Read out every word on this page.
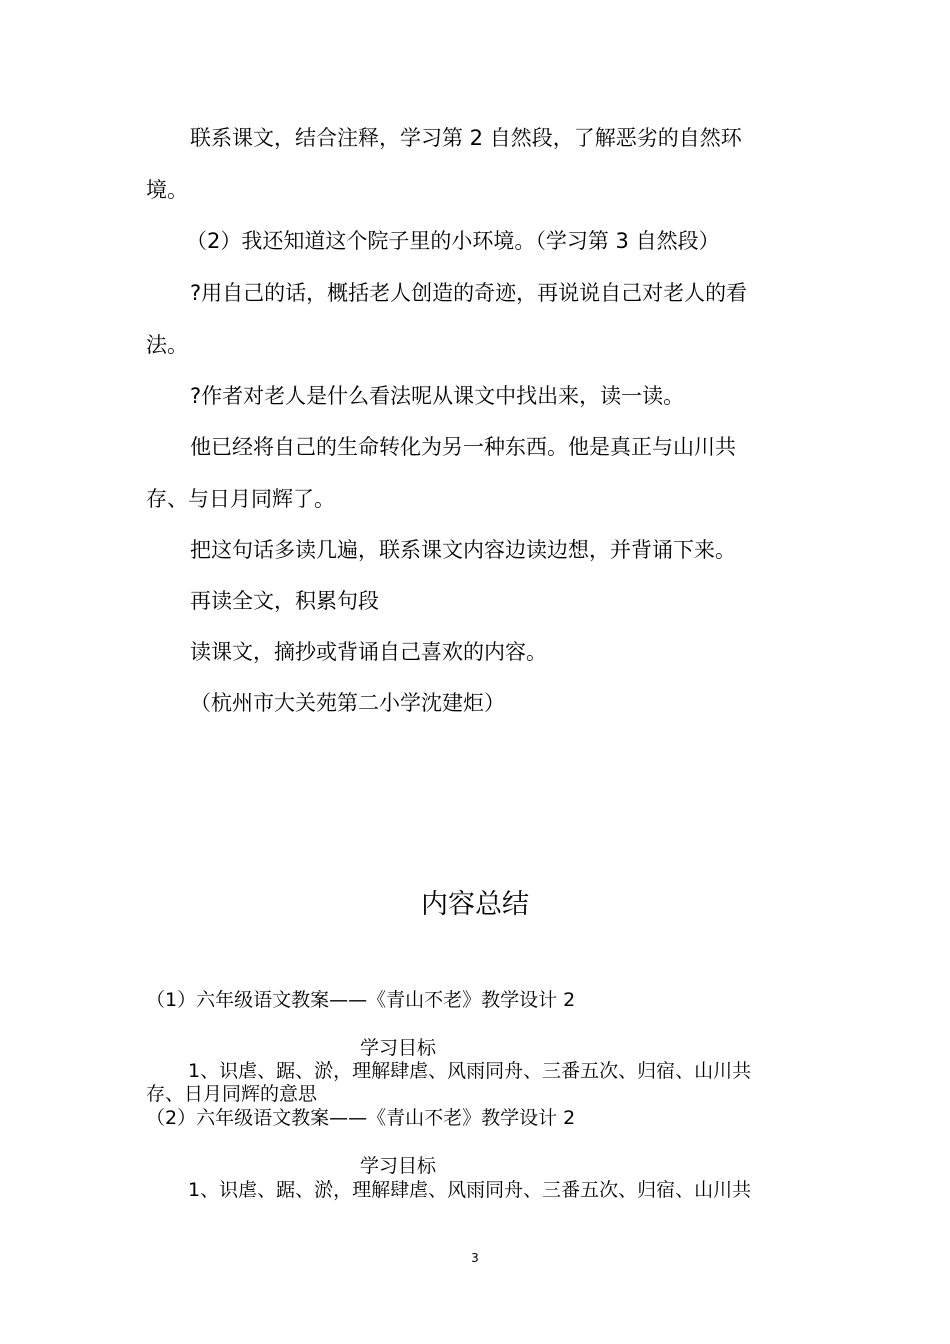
联系课文，结合注释，学习第 2 自然段，了解恶劣的自然环
境。
（2）我还知道这个院子里的小环境。（学习第 3 自然段）
?用自己的话，概括老人创造的奇迹，再说说自己对老人的看
法。
?作者对老人是什么看法呢从课文中找出来，读一读。
他已经将自己的生命转化为另一种东西。他是真正与山川共
存、与日月同辉了。
把这句话多读几遍，联系课文内容边读边想，并背诵下来。
再读全文，积累句段
读课文，摘抄或背诵自己喜欢的内容。
（杭州市大关苑第二小学沈建炬）
内容总结
（1）六年级语文教案——《青山不老》教学设计 2
学习目标
1、识虐、踞、淤，理解肆虐、风雨同舟、三番五次、归宿、山川共
存、日月同辉的意思
（2）六年级语文教案——《青山不老》教学设计 2
学习目标
1、识虐、踞、淤，理解肆虐、风雨同舟、三番五次、归宿、山川共
3
